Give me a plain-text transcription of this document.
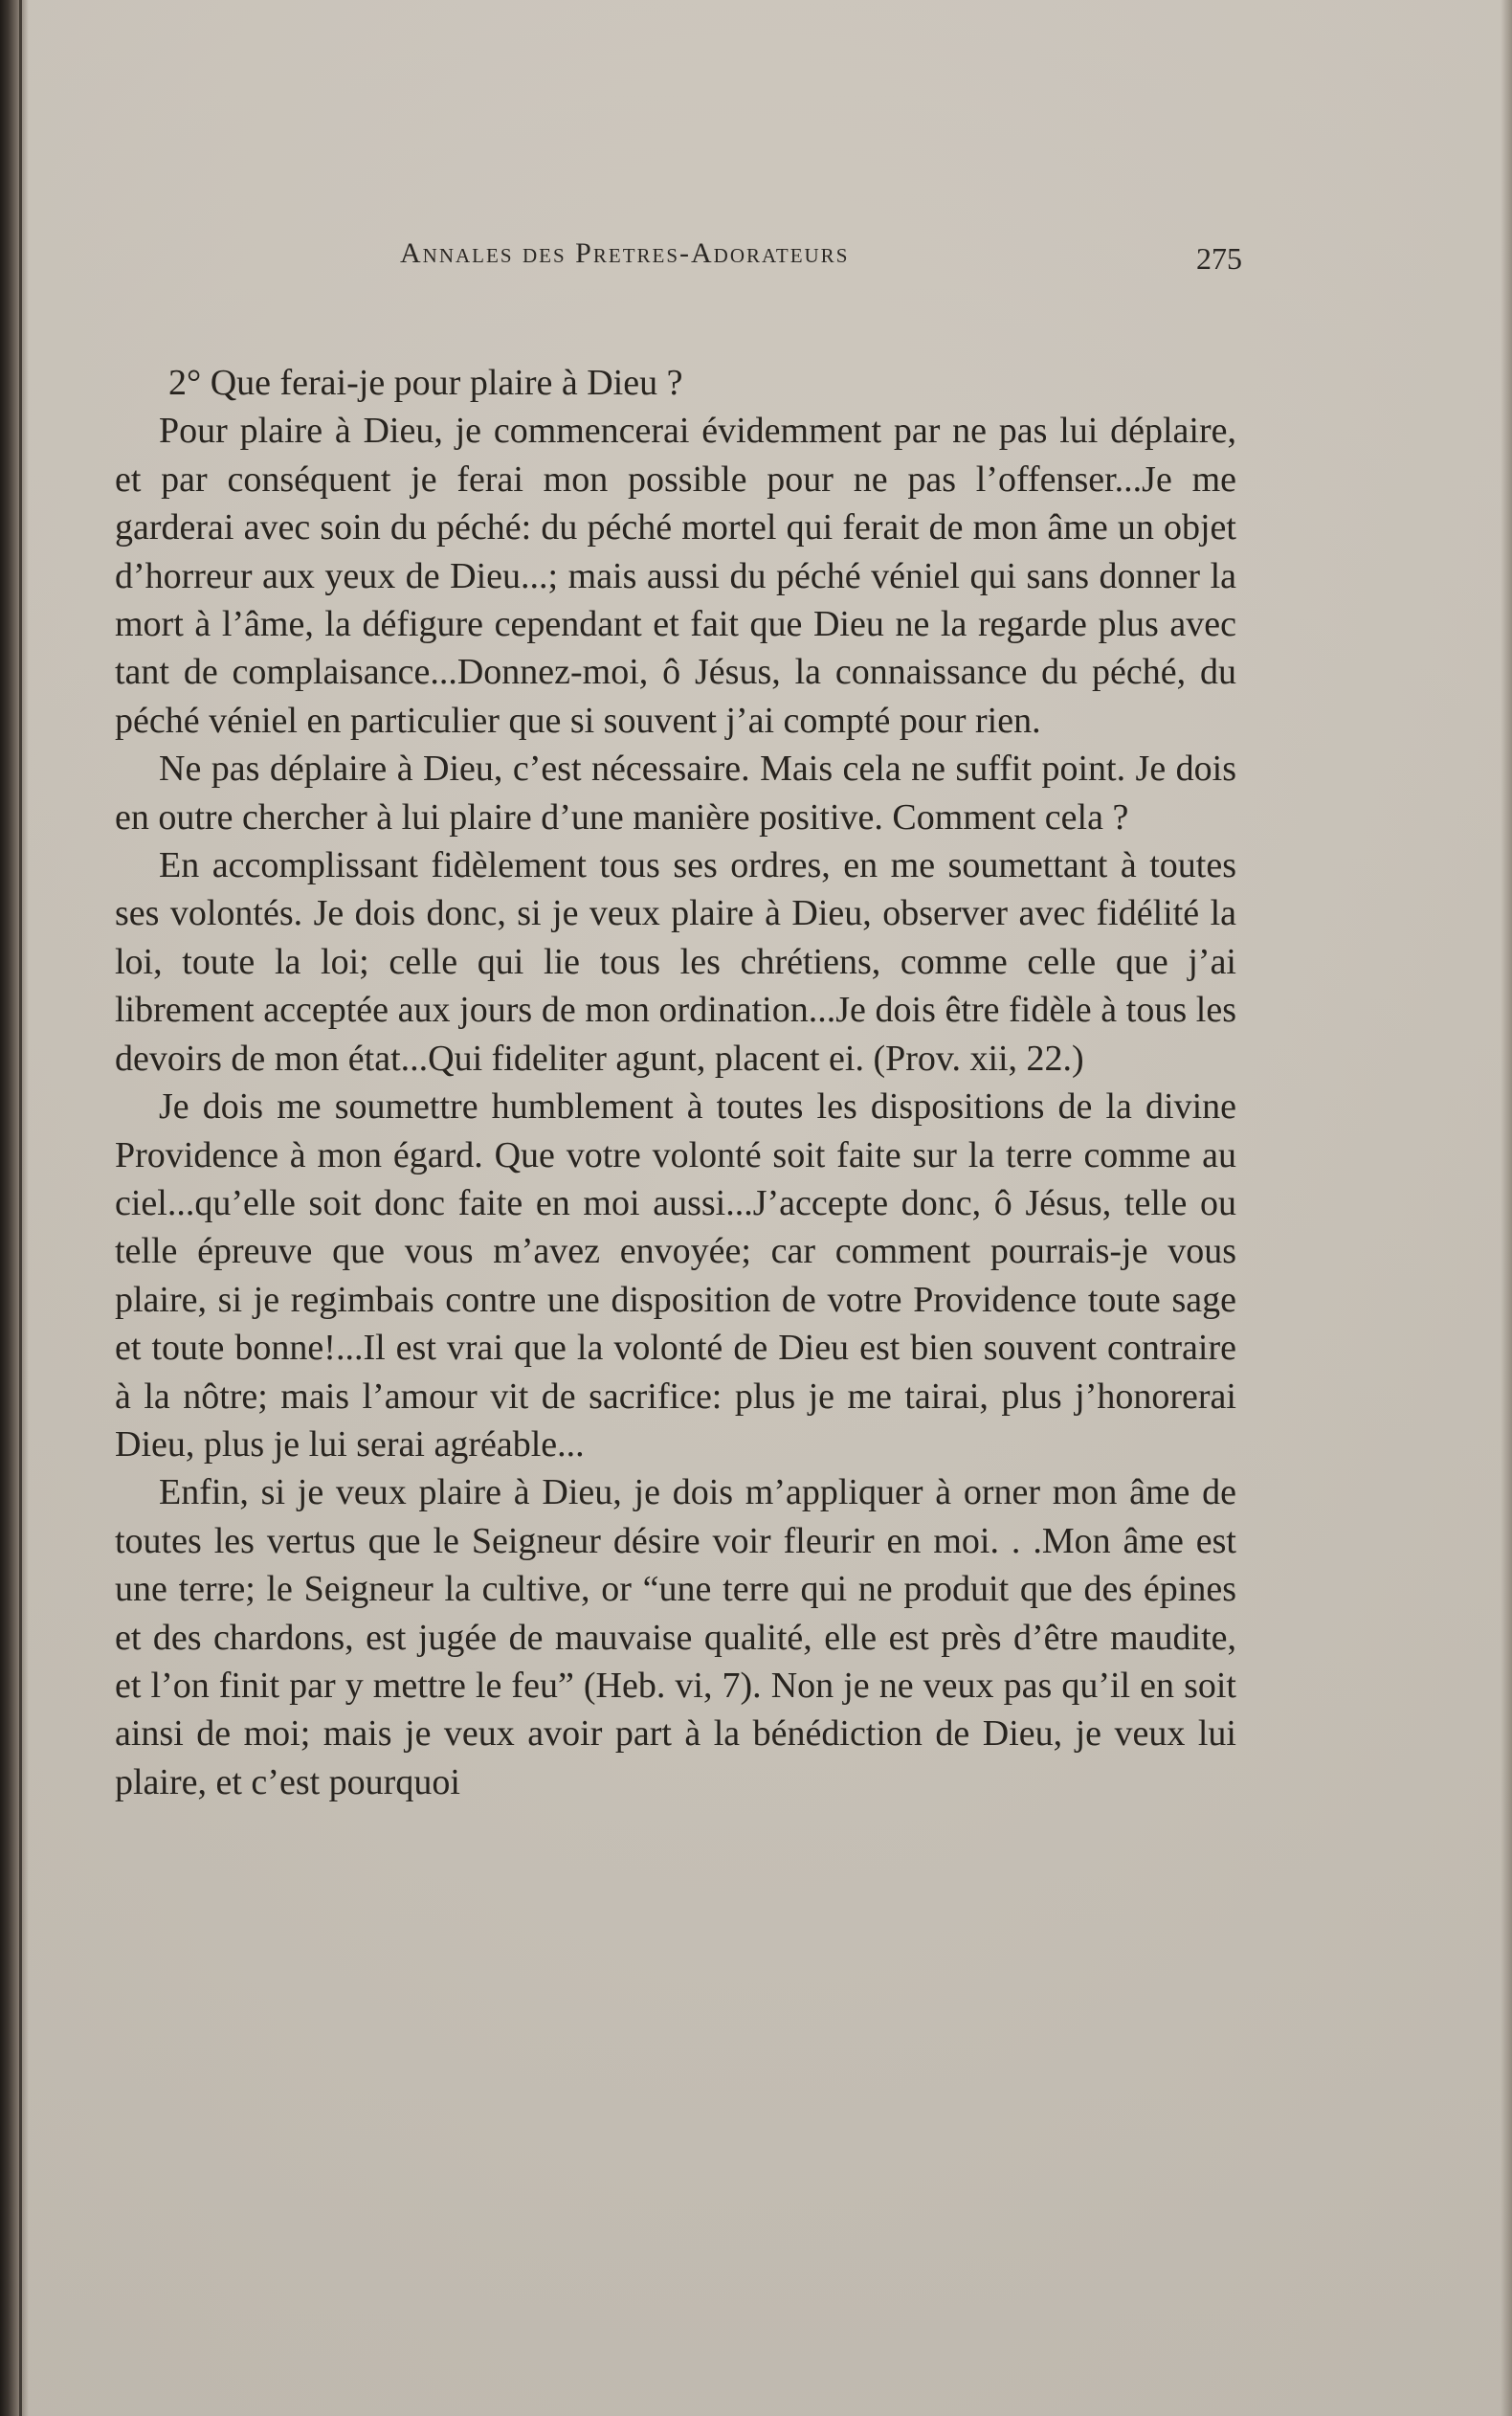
Annales des Pretres-Adorateurs	275

2° Que ferai-je pour plaire à Dieu ?

Pour plaire à Dieu, je commencerai évidemment par ne pas lui déplaire, et par conséquent je ferai mon possible pour ne pas l’offenser...Je me garderai avec soin du péché: du péché mortel qui ferait de mon âme un objet d’horreur aux yeux de Dieu...; mais aussi du péché véniel qui sans donner la mort à l’âme, la défigure cependant et fait que Dieu ne la regarde plus avec tant de complaisance...Donnez-moi, ô Jésus, la connaissance du péché, du péché véniel en particulier que si souvent j’ai compté pour rien.

Ne pas déplaire à Dieu, c’est nécessaire. Mais cela ne suffit point. Je dois en outre chercher à lui plaire d’une manière positive. Comment cela ?

En accomplissant fidèlement tous ses ordres, en me soumettant à toutes ses volontés. Je dois donc, si je veux plaire à Dieu, observer avec fidélité la loi, toute la loi; celle qui lie tous les chrétiens, comme celle que j’ai librement acceptée aux jours de mon ordination...Je dois être fidèle à tous les devoirs de mon état...Qui fideliter agunt, placent ei. (Prov. xii, 22.)

Je dois me soumettre humblement à toutes les dispositions de la divine Providence à mon égard. Que votre volonté soit faite sur la terre comme au ciel...qu’elle soit donc faite en moi aussi...J’accepte donc, ô Jésus, telle ou telle épreuve que vous m’avez envoyée; car comment pourrais-je vous plaire, si je regimbais contre une disposition de votre Providence toute sage et toute bonne!...Il est vrai que la volonté de Dieu est bien souvent contraire à la nôtre; mais l’amour vit de sacrifice: plus je me tairai, plus j’honorerai Dieu, plus je lui serai agréable...

Enfin, si je veux plaire à Dieu, je dois m’appliquer à orner mon âme de toutes les vertus que le Seigneur désire voir fleurir en moi. . .Mon âme est une terre; le Seigneur la cultive, or “une terre qui ne produit que des épines et des chardons, est jugée de mauvaise qualité, elle est près d’être maudite, et l’on finit par y mettre le feu” (Heb. vi, 7). Non je ne veux pas qu’il en soit ainsi de moi; mais je veux avoir part à la bénédiction de Dieu, je veux lui plaire, et c’est pourquoi
